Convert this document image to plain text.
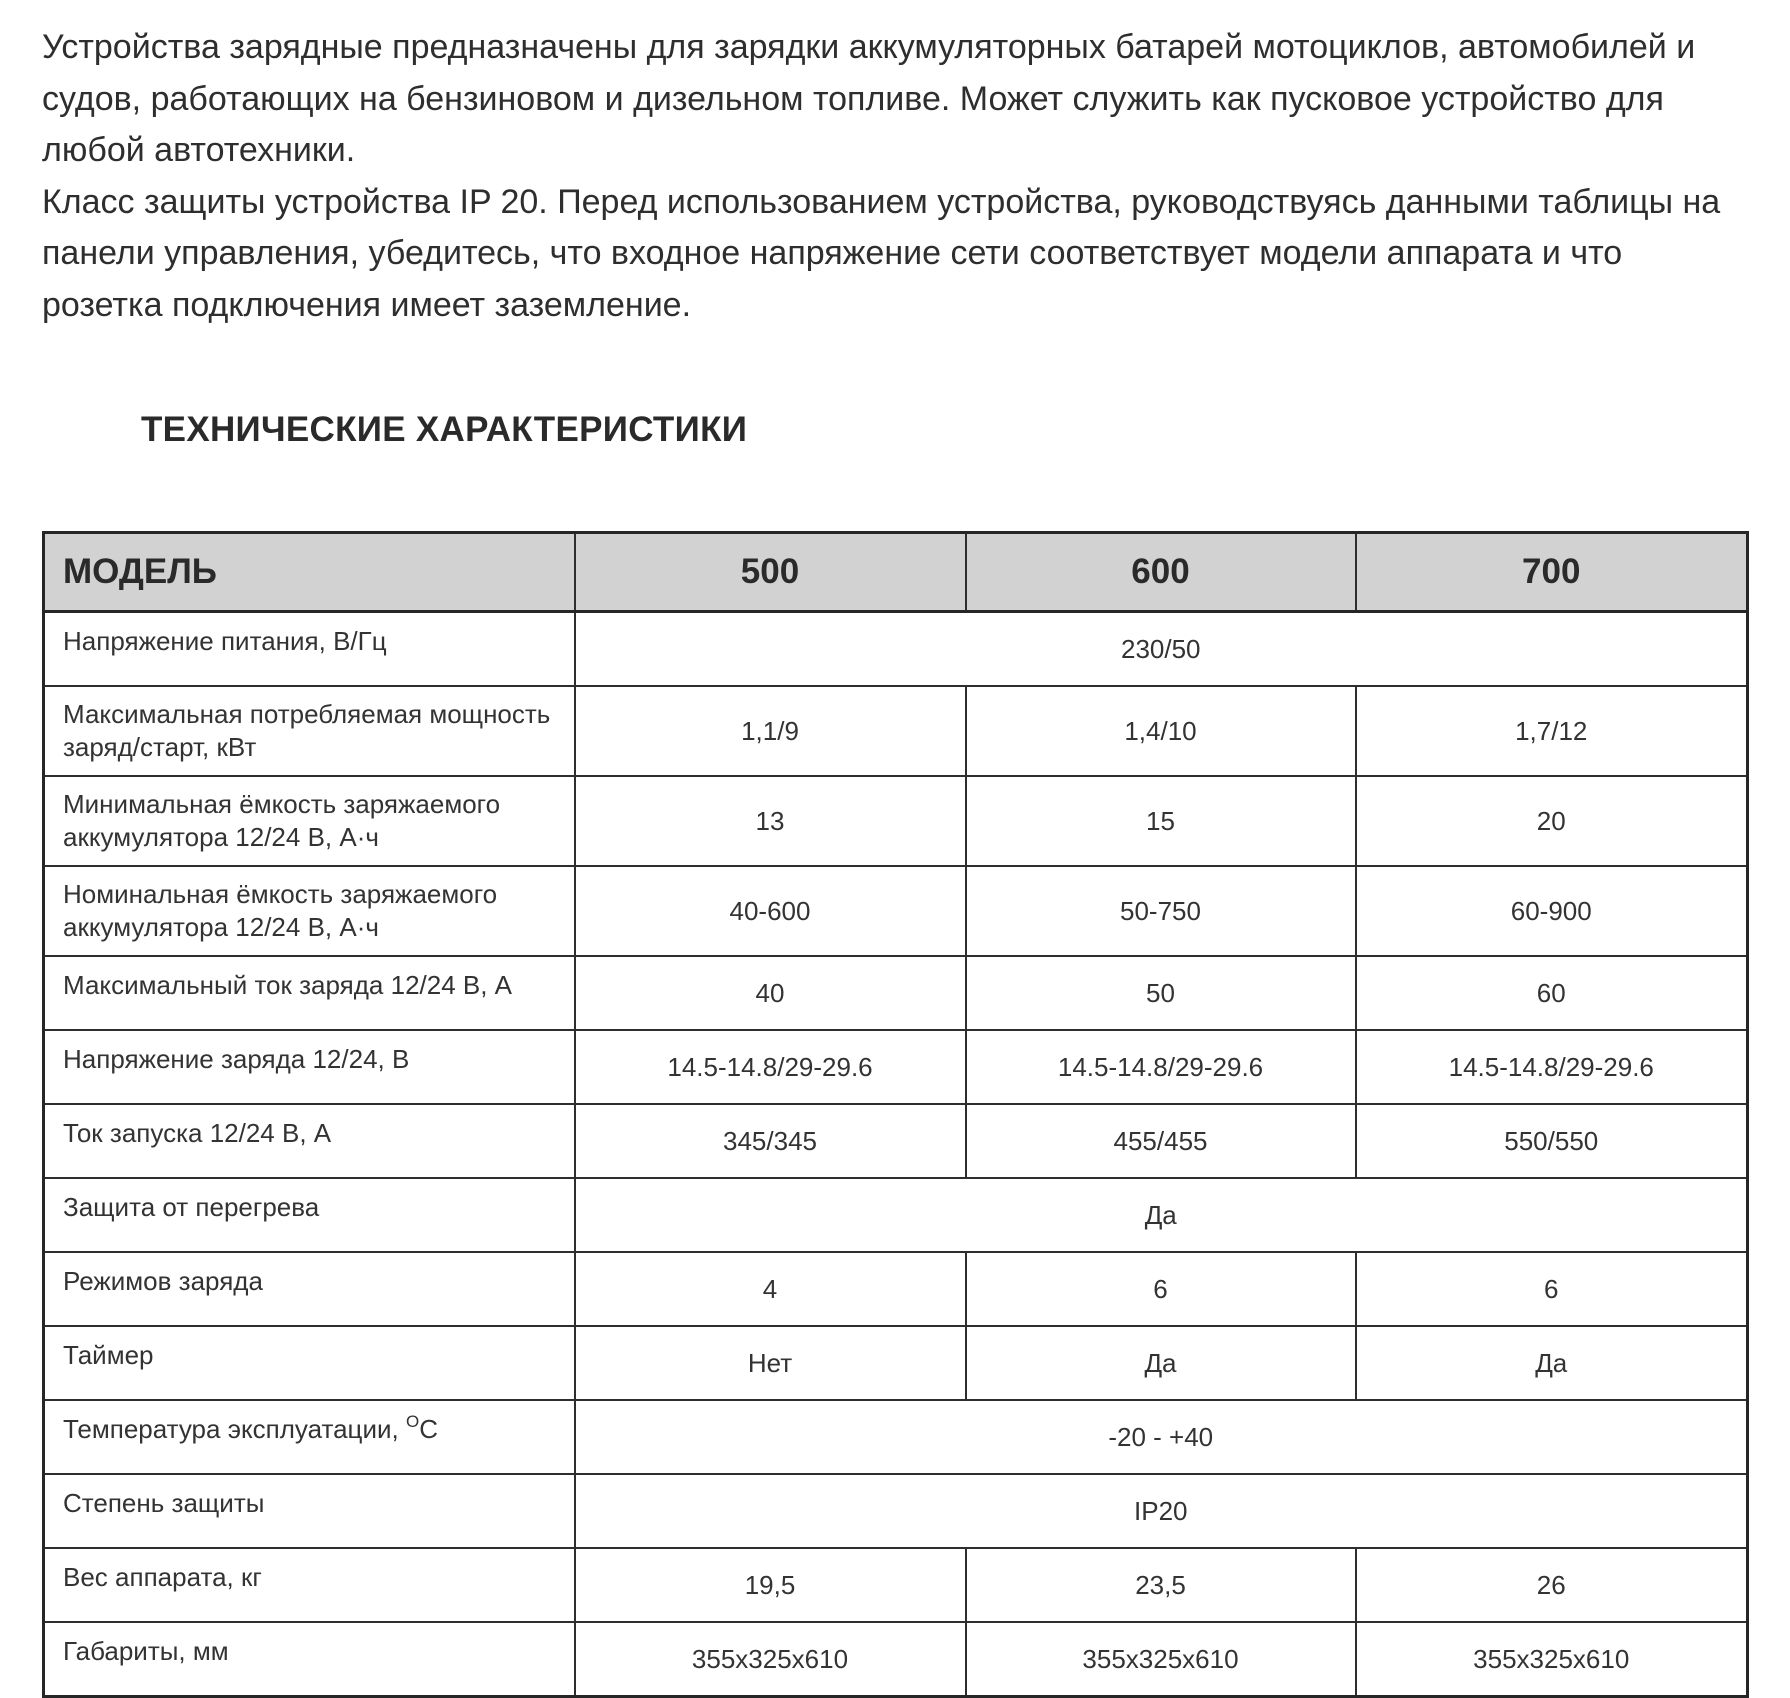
Устройства зарядные предназначены для зарядки аккумуляторных батарей мотоциклов, автомобилей и судов, работающих на бензиновом и дизельном топливе. Может служить как пусковое устройство для любой автотехники.

Класс защиты устройства IP 20. Перед использованием устройства, руководствуясь данными таблицы на панели управления, убедитесь, что входное напряжение сети соответствует модели аппарата и что розетка подключения имеет заземление.

ТЕХНИЧЕСКИЕ ХАРАКТЕРИСТИКИ
МОДЕЛЬ	500	600	700
Напряжение питания, В/Гц	230/50		
Максимальная потребляемая мощность заряд/старт, кВт	1,1/9	1,4/10	1,7/12
Минимальная ёмкость заряжаемого аккумулятора 12/24 В, А·ч	13	15	20
Номинальная ёмкость заряжаемого аккумулятора 12/24 В, А·ч	40-600	50-750	60-900
Максимальный ток заряда 12/24 В, А	40	50	60
Напряжение заряда 12/24, В	14.5-14.8/29-29.6	14.5-14.8/29-29.6	14.5-14.8/29-29.6
Ток запуска 12/24 В, А	345/345	455/455	550/550
Защита от перегрева	Да		
Режимов заряда	4	6	6
Таймер	Нет	Да	Да
Температура эксплуатации, $^O$C	-20 - +40		
Степень защиты	IP20		
Вес аппарата, кг	19,5	23,5	26
Габариты, мм	355x325x610	355x325x610	355x325x610
